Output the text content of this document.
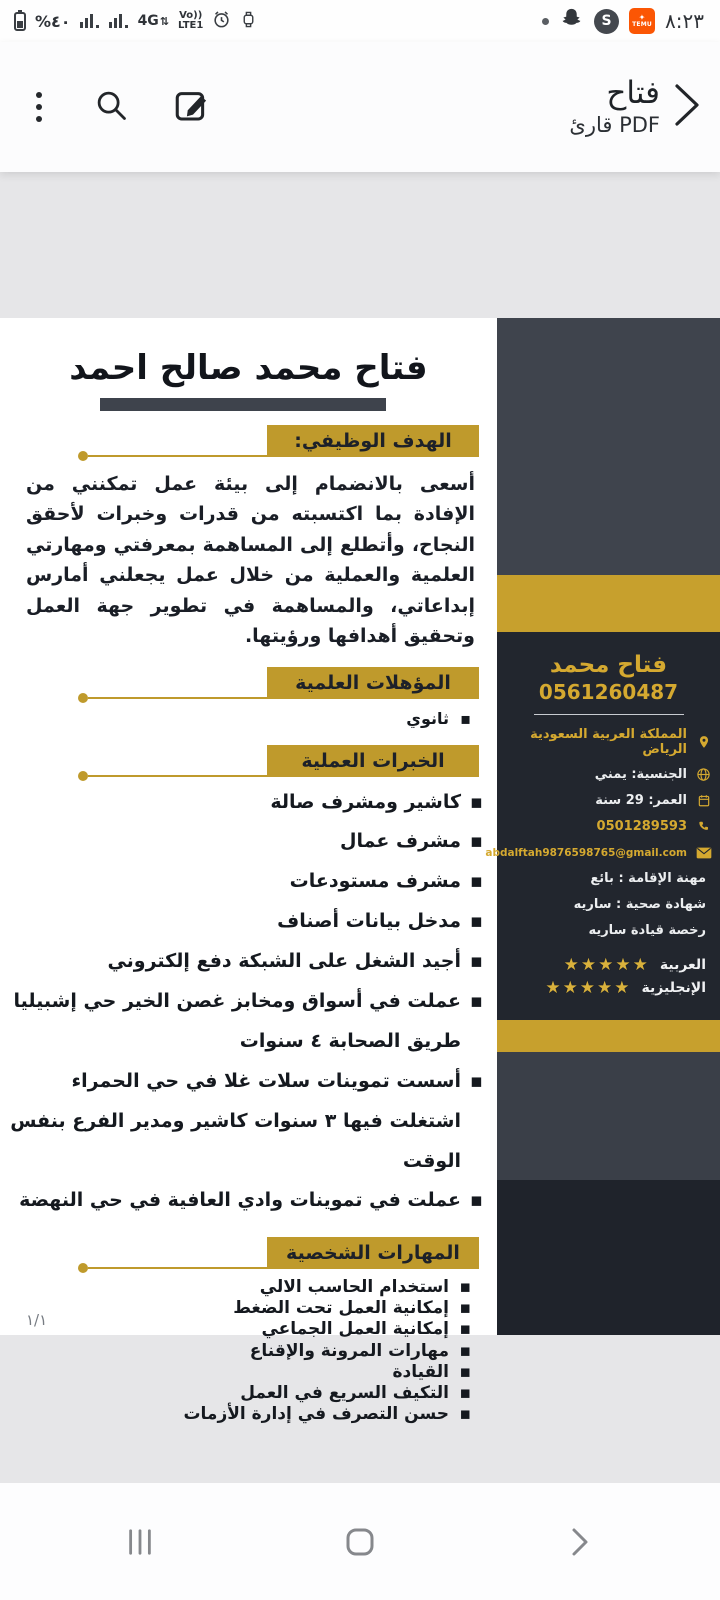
%٤٠	4G ⇅ Vo))
LTE1	S	✦
TEMU ٨:٢٣
فتاح
قارئ PDF
فتاح محمد صالح احمد
الهدف الوظيفي:

أسعى بالانضمام إلى بيئة عمل تمكنني من الإفادة بما اكتسبته من قدرات وخبرات لأحقق النجاح، وأتطلع إلى المساهمة بمعرفتي ومهارتي العلمية والعملية من خلال عمل يجعلني أمارس إبداعاتي، والمساهمة في تطوير جهة العمل وتحقيق أهدافها ورؤيتها.

المؤهلات العلمية
▪ ثانوي
الخبرات العملية
▪ كاشير ومشرف صالة
▪ مشرف عمال
▪ مشرف مستودعات
▪ مدخل بيانات أصناف
▪ أجيد الشغل على الشبكة دفع إلكتروني
▪ عملت في أسواق ومخابز غصن الخير حي إشبيليا طريق الصحابة ٤ سنوات
▪ أسست تموينات سلات غلا في حي الحمراء اشتغلت فيها ٣ سنوات كاشير ومدير الفرع بنفس الوقت
▪ عملت في تموينات وادي العافية في حي النهضة
المهارات الشخصية
▪ استخدام الحاسب الالي
▪ إمكانية العمل تحت الضغط
▪ إمكانية العمل الجماعي
▪ مهارات المرونة والإقناع
▪ القيادة
▪ التكيف السريع في العمل
▪ حسن التصرف في إدارة الأزمات
١/١
فتاح محمد
0561260487
المملكة العربية السعودية الرياض
الجنسية: يمني
العمر: 29 سنة
0501289593
abdalftah9876598765@gmail.com
مهنة الإقامة : بائع
شهادة صحية : ساريه
رخصة قيادة ساريه
العربية
★★★★★
الإنجليزية
★★★★★
